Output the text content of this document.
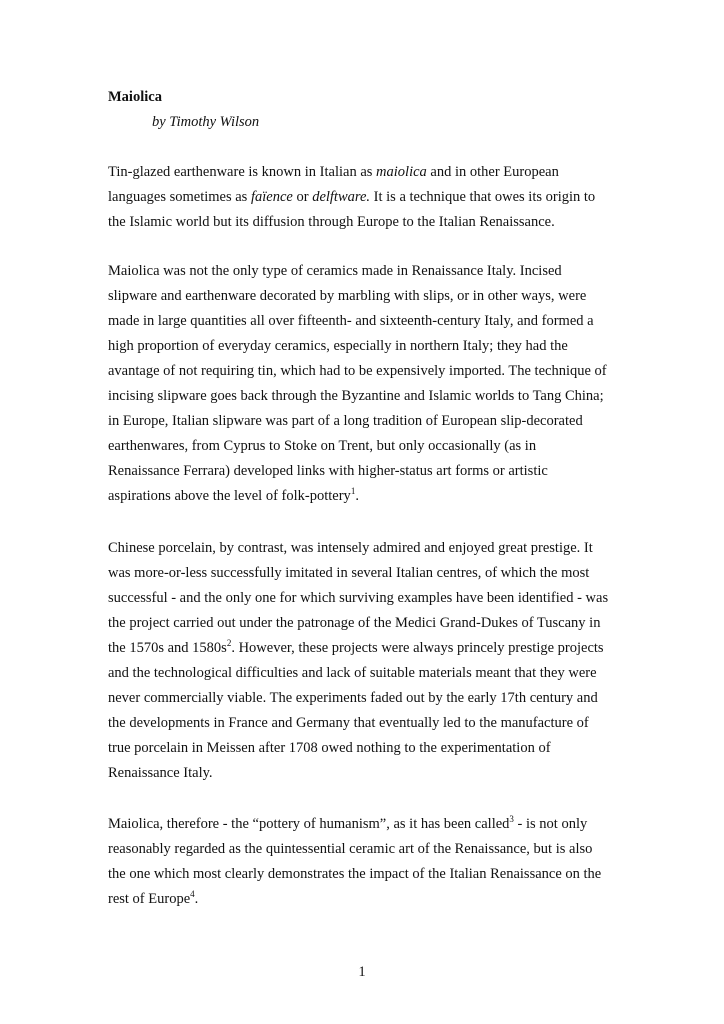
Maiolica
by Timothy Wilson

Tin-glazed earthenware is known in Italian as maiolica and in other European
languages sometimes as faïence or delftware. It is a technique that owes its origin to
the Islamic world but its diffusion through Europe to the Italian Renaissance.

Maiolica was not the only type of ceramics made in Renaissance Italy. Incised
slipware and earthenware decorated by marbling with slips, or in other ways, were
made in large quantities all over fifteenth- and sixteenth-century Italy, and formed a
high proportion of everyday ceramics, especially in northern Italy; they had the
avantage of not requiring tin, which had to be expensively imported. The technique of
incising slipware goes back through the Byzantine and Islamic worlds to Tang China;
in Europe, Italian slipware was part of a long tradition of European slip-decorated
earthenwares, from Cyprus to Stoke on Trent, but only occasionally (as in
Renaissance Ferrara) developed links with higher-status art forms or artistic
aspirations above the level of folk-pottery$^1$.

Chinese porcelain, by contrast, was intensely admired and enjoyed great prestige. It
was more-or-less successfully imitated in several Italian centres, of which the most
successful - and the only one for which surviving examples have been identified - was
the project carried out under the patronage of the Medici Grand-Dukes of Tuscany in
the 1570s and $1580s^2$. However, these projects were always princely prestige projects
and the technological difficulties and lack of suitable materials meant that they were
never commercially viable. The experiments faded out by the early 17th century and
the developments in France and Germany that eventually led to the manufacture of
true porcelain in Meissen after 1708 owed nothing to the experimentation of
Renaissance Italy.

Maiolica, therefore - the “pottery of humanism”, as it has been called$^3$ - is not only
reasonably regarded as the quintessential ceramic art of the Renaissance, but is also
the one which most clearly demonstrates the impact of the Italian Renaissance on the
rest of Europe$^4$.

1
